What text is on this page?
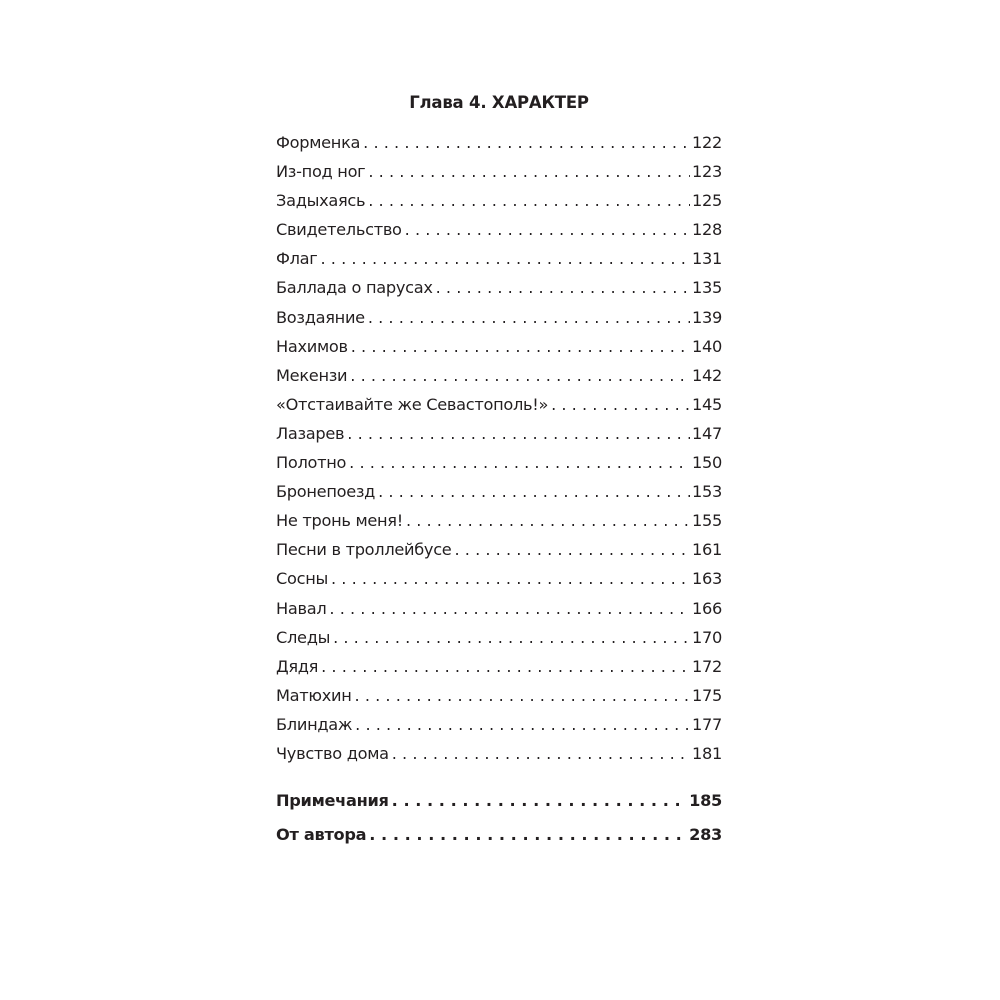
Глава 4. ХАРАКТЕР
Форменка . . .	122
Из-под ног . . .	123
Задыхаясь . . .	125
Свидетельство . . .	128
Флаг . . .	131
Баллада о парусах . . .	135
Воздаяние . . .	139
Нахимов . . .	140
Мекензи . . .	142
«Отстаивайте же Севастополь!» . . .	145
Лазарев . . .	147
Полотно . . .	150
Бронепоезд . . .	153
Не тронь меня! . . .	155
Песни в троллейбусе . . .	161
Сосны . . .	163
Навал . . .	166
Следы . . .	170
Дядя . . .	172
Матюхин . . .	175
Блиндаж . . .	177
Чувство дома . . .	181
Примечания . . .	185
От автора . . .	283
